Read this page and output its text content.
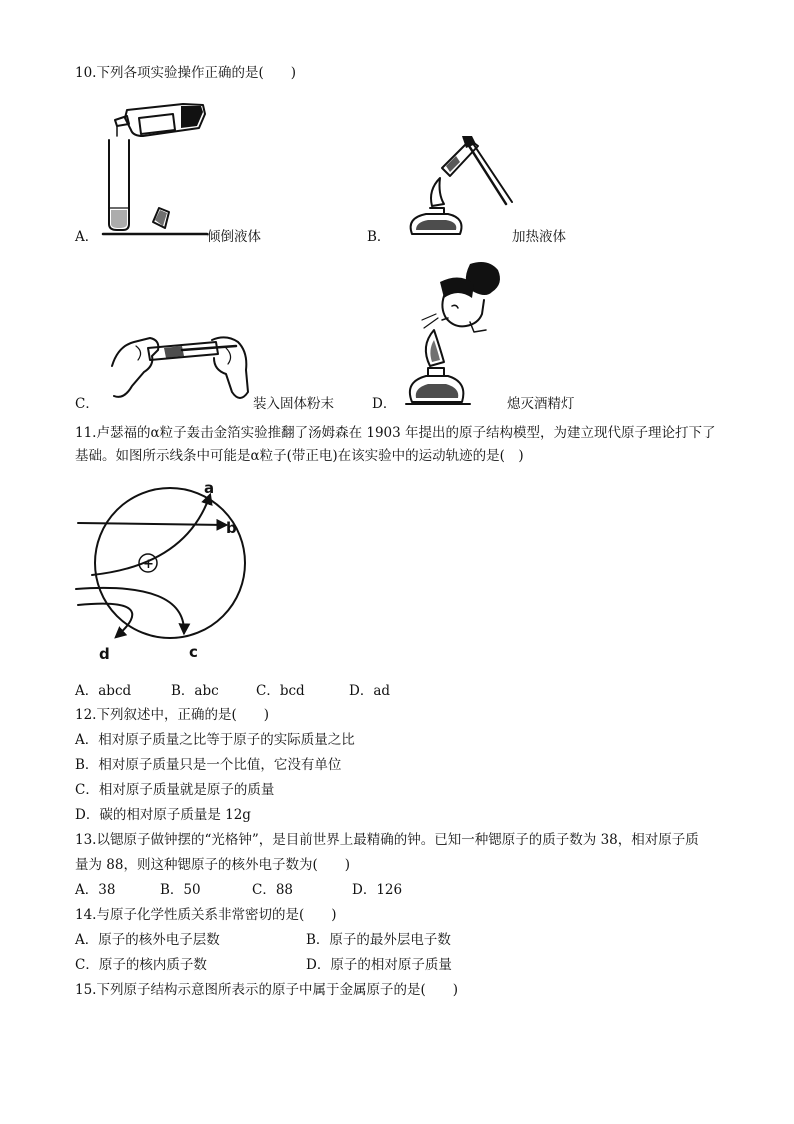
10.下列各项实验操作正确的是(　　)
A．	倾倒液体	B．	加热液体
C．	装入固体粉末	D．	熄灭酒精灯
11.卢瑟福的α粒子轰击金箔实验推翻了汤姆森在 1903 年提出的原子结构模型，为建立现代原子理论打下了
基础。如图所示线条中可能是α粒子(带正电)在该实验中的运动轨迹的是(　)
+
b
a
c
d
A．abcd	B．abc	C．bcd	D．ad
12.下列叙述中，正确的是(　　)
A．相对原子质量之比等于原子的实际质量之比
B．相对原子质量只是一个比值，它没有单位
C．相对原子质量就是原子的质量
D．碳的相对原子质量是 12g
13.以锶原子做钟摆的“光格钟”，是目前世界上最精确的钟。已知一种锶原子的质子数为 38，相对原子质
量为 88，则这种锶原子的核外电子数为(　　)
A．38	B．50	C．88	D．126
14.与原子化学性质关系非常密切的是(　　)
A．原子的核外电子层数	B．原子的最外层电子数
C．原子的核内质子数	D．原子的相对原子质量
15.下列原子结构示意图所表示的原子中属于金属原子的是(　　)
